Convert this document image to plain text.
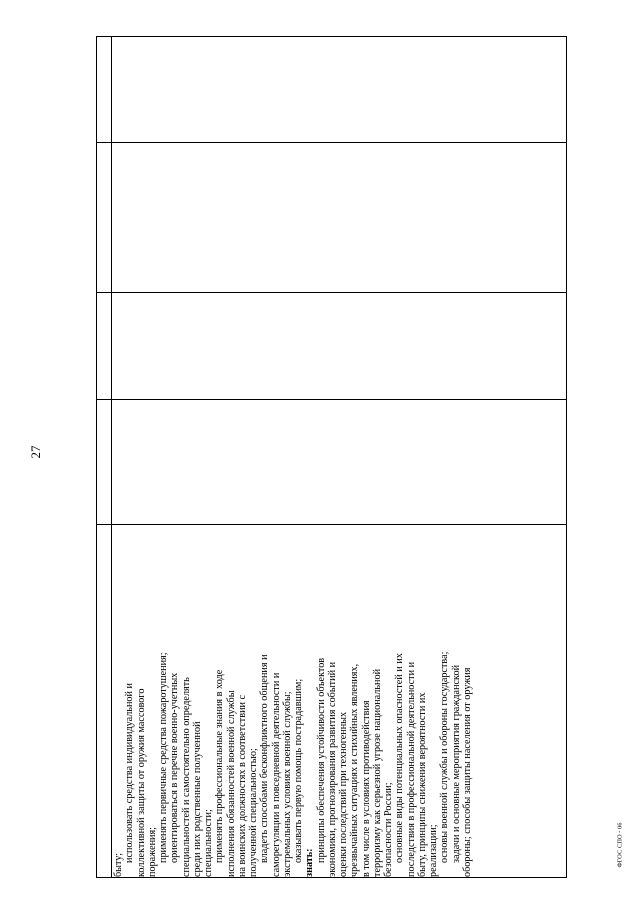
27
ФГОС СПО - 06

быту;

использовать средства индивидуальной и коллективной защиты от оружия массового поражения; применять первичные средства пожаротушения; ориентироваться в перечне военно-учетных специальностей и самостоятельно определять среди них родственные полученной специальности; применять профессиональные знания в ходе исполнения обязанностей военной службы на воинских должностях в соответствии с полученной специальностью; владеть способами бесконфликтного общения и саморегуляции в повседневной деятельности и экстремальных условиях военной службы; оказывать первую помощь пострадавшим; знать: принципы обеспечения устойчивости объектов экономики, прогнозирования развития событий и оценки последствий при техногенных чрезвычайных ситуациях и стихийных явлениях, в том числе в условиях противодействия терроризму как серьезной угрозе национальной безопасности России; основные виды потенциальных опасностей и их последствия в профессиональной деятельности и быту, принципы снижения вероятности их реализации; основы военной службы и обороны государства; задачи и основные мероприятия гражданской обороны; способы защиты населения от оружия
